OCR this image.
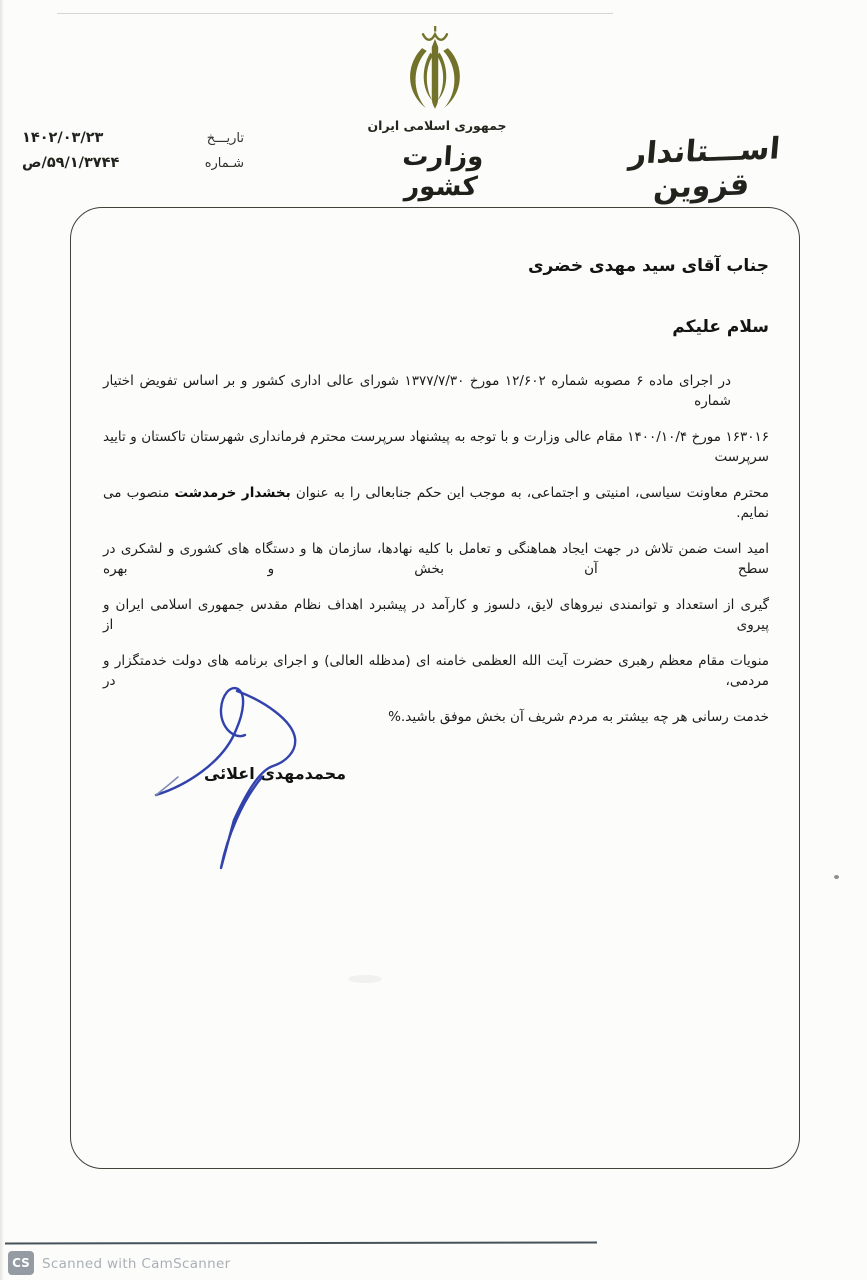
جمهوری اسلامی ایران
وزارت کشور
اســـتاندار قزوین
تاریـــخ
۱۴۰۲/۰۳/۲۳
شـماره
۵۹/۱/۳۷۴۴/ص
جناب آقای سید مهدی خضری
سلام علیکم
در اجرای ماده ۶ مصوبه شماره ۱۲/۶۰۲ مورخ ۱۳۷۷/۷/۳۰ شورای عالی اداری کشور و بر اساس تفویض اختیار شماره
۱۶۳۰۱۶ مورخ ۱۴۰۰/۱۰/۴ مقام عالی وزارت و با توجه به پیشنهاد سرپرست محترم فرمانداری شهرستان تاکستان و تایید سرپرست
محترم معاونت سیاسی، امنیتی و اجتماعی، به موجب این حکم جنابعالی را به عنوان بخشدار خرمدشت منصوب می نمایم.
امید است ضمن تلاش در جهت ایجاد هماهنگی و تعامل با کلیه نهادها، سازمان ها و دستگاه های کشوری و لشکری در سطح آن بخش و بهره
گیری از استعداد و توانمندی نیروهای لایق، دلسوز و کارآمد در پیشبرد اهداف نظام مقدس جمهوری اسلامی ایران و پیروی از
منویات مقام معظم رهبری حضرت آیت الله العظمی خامنه ای (مدظله العالی) و اجرای برنامه های دولت خدمتگزار و مردمی، در
خدمت رسانی هر چه بیشتر به مردم شریف آن بخش موفق باشید.%
محمدمهدی اعلائی
CS Scanned with CamScanner
